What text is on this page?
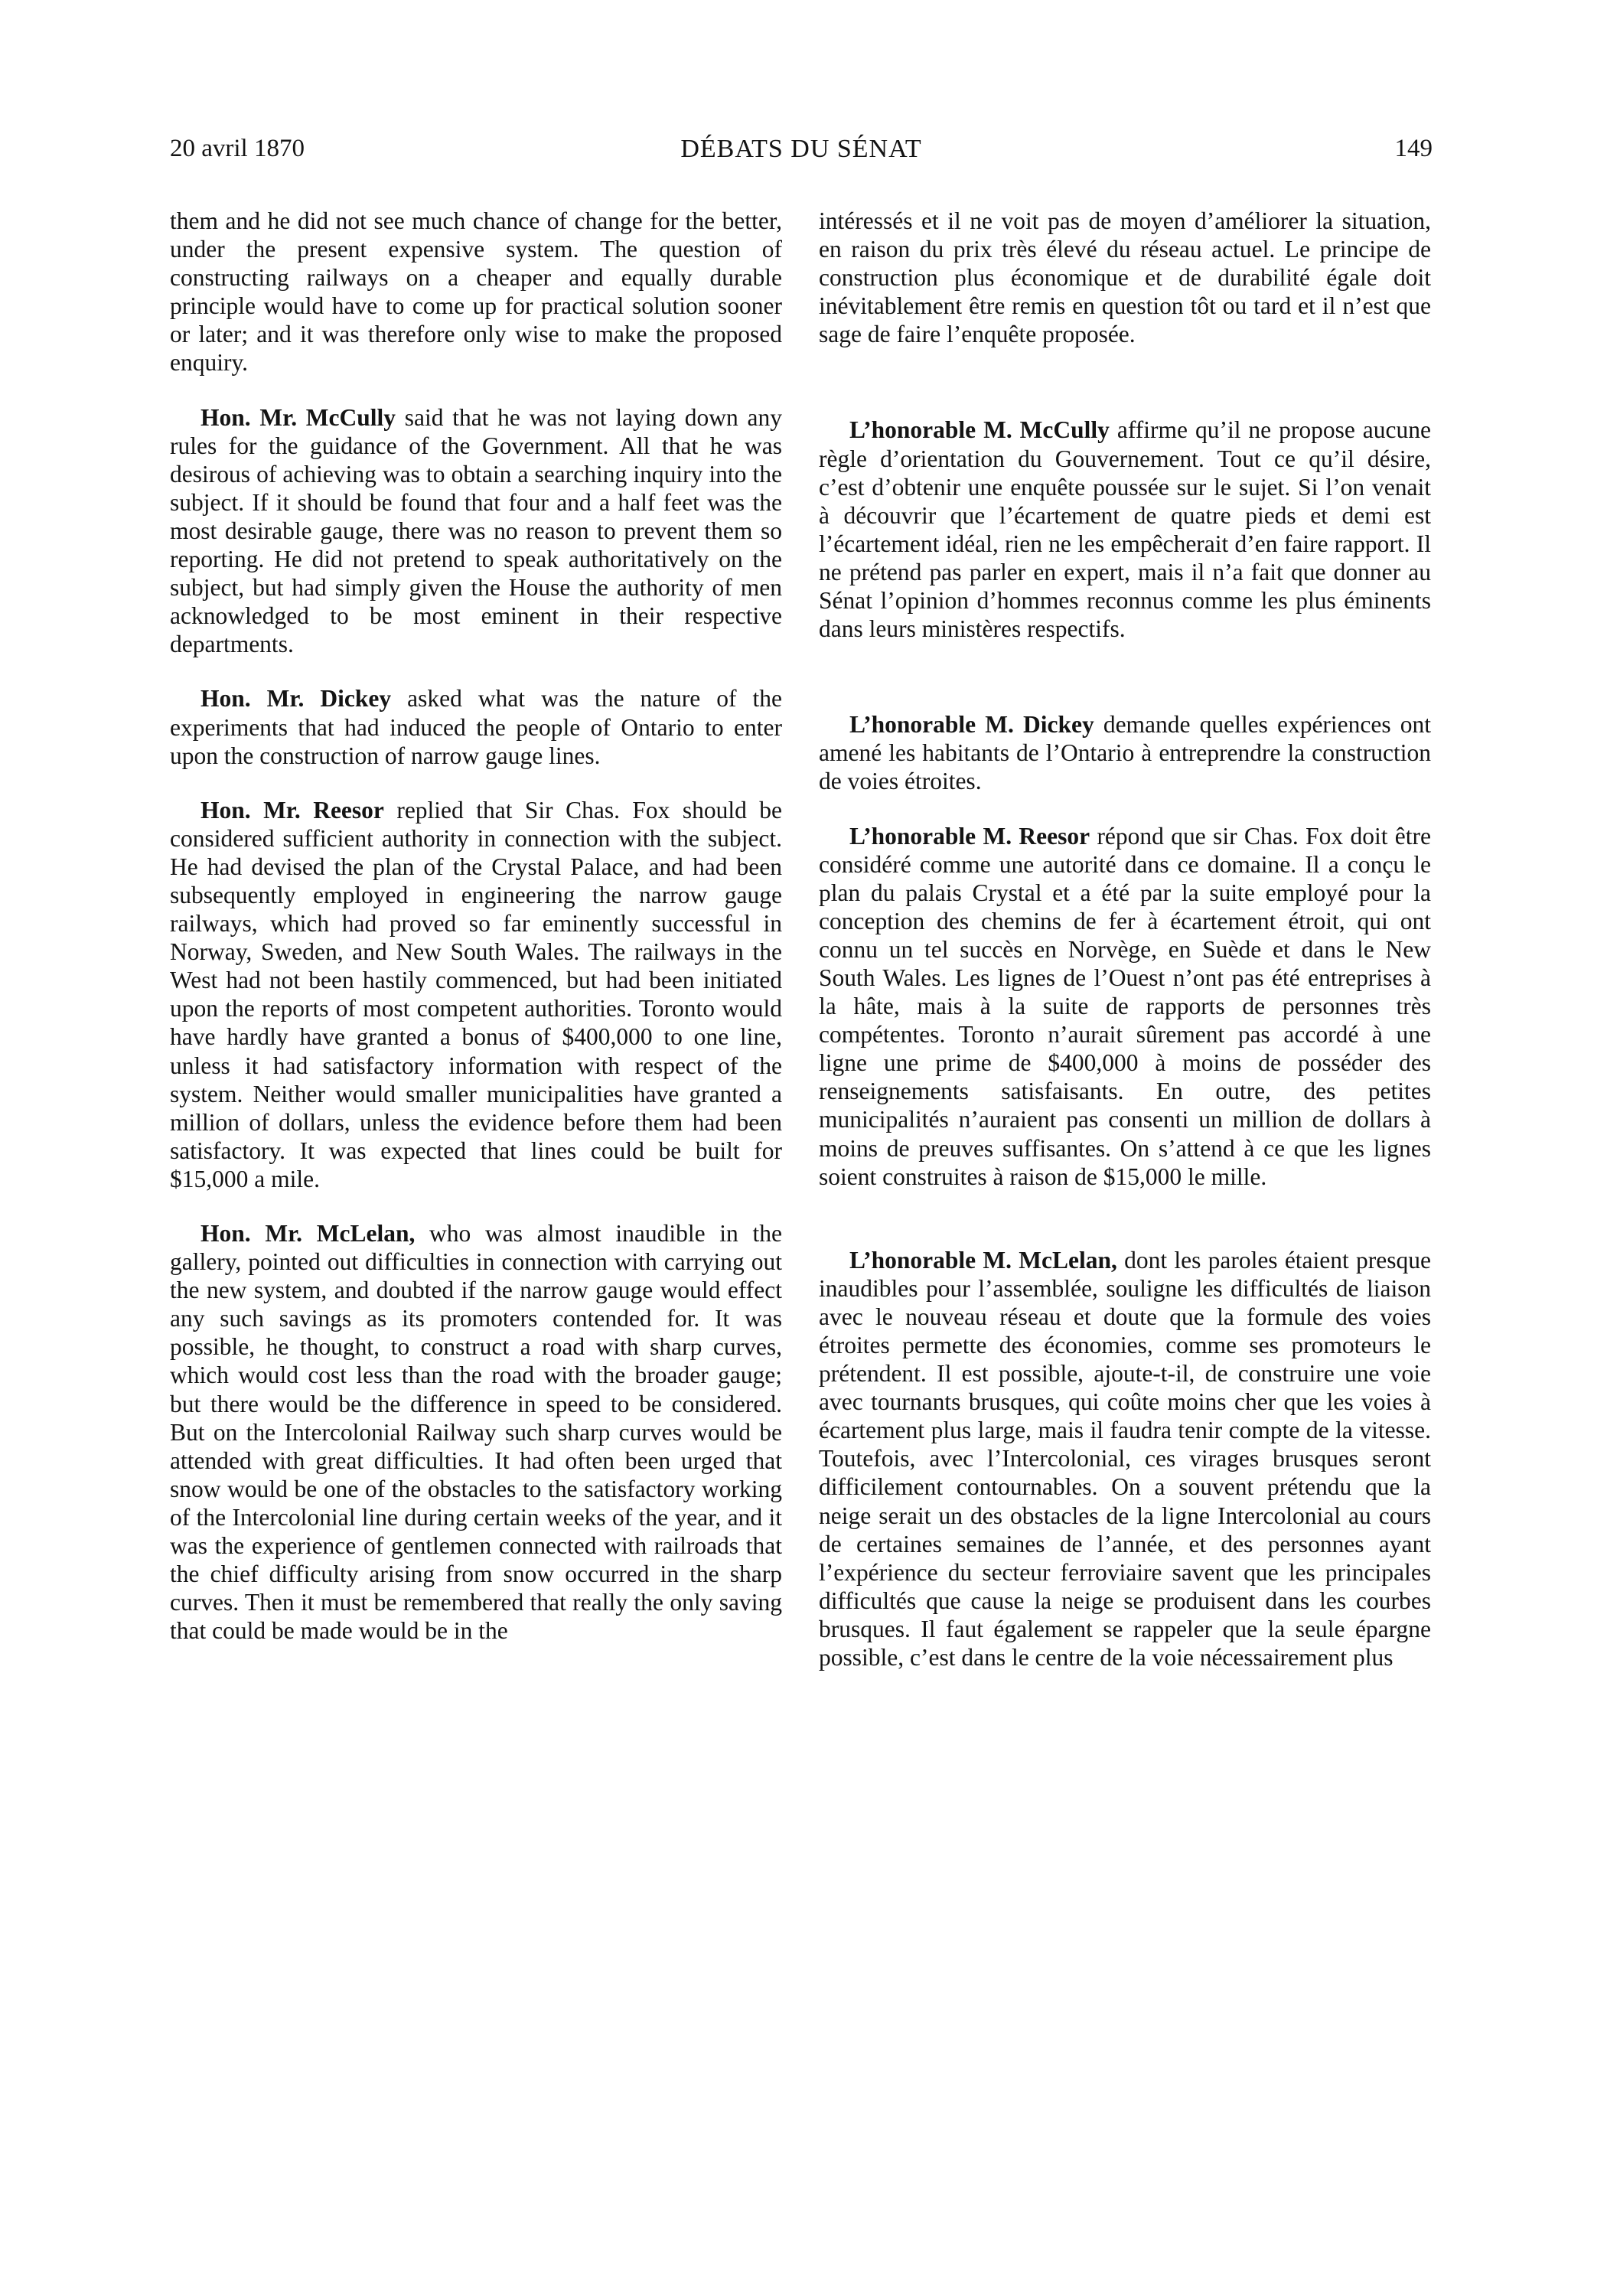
20 avril 1870	DÉBATS DU SÉNAT	149

them and he did not see much chance of change for the better, under the present expensive system. The question of constructing railways on a cheaper and equally durable principle would have to come up for practical solution sooner or later; and it was therefore only wise to make the proposed enquiry.

Hon. Mr. McCully said that he was not laying down any rules for the guidance of the Government. All that he was desirous of achieving was to obtain a searching inquiry into the subject. If it should be found that four and a half feet was the most desirable gauge, there was no reason to prevent them so reporting. He did not pretend to speak authoritatively on the subject, but had simply given the House the authority of men acknowledged to be most eminent in their respective departments.

Hon. Mr. Dickey asked what was the nature of the experiments that had induced the people of Ontario to enter upon the construction of narrow gauge lines.

Hon. Mr. Reesor replied that Sir Chas. Fox should be considered sufficient authority in connection with the subject. He had devised the plan of the Crystal Palace, and had been subsequently employed in engineering the narrow gauge railways, which had proved so far eminently successful in Norway, Sweden, and New South Wales. The railways in the West had not been hastily commenced, but had been initiated upon the reports of most competent authorities. Toronto would have hardly have granted a bonus of $400,000 to one line, unless it had satisfactory information with respect of the system. Neither would smaller municipalities have granted a million of dollars, unless the evidence before them had been satisfactory. It was expected that lines could be built for $15,000 a mile.

Hon. Mr. McLelan, who was almost inaudible in the gallery, pointed out difficulties in connection with carrying out the new system, and doubted if the narrow gauge would effect any such savings as its promoters contended for. It was possible, he thought, to construct a road with sharp curves, which would cost less than the road with the broader gauge; but there would be the difference in speed to be considered. But on the Intercolonial Railway such sharp curves would be attended with great difficulties. It had often been urged that snow would be one of the obstacles to the satisfactory working of the Intercolonial line during certain weeks of the year, and it was the experience of gentlemen connected with railroads that the chief difficulty arising from snow occurred in the sharp curves. Then it must be remembered that really the only saving that could be made would be in the

intéressés et il ne voit pas de moyen d’améliorer la situation, en raison du prix très élevé du réseau actuel. Le principe de construction plus économique et de durabilité égale doit inévitablement être remis en question tôt ou tard et il n’est que sage de faire l’enquête proposée.

L’honorable M. McCully affirme qu’il ne propose aucune règle d’orientation du Gouvernement. Tout ce qu’il désire, c’est d’obtenir une enquête poussée sur le sujet. Si l’on venait à découvrir que l’écartement de quatre pieds et demi est l’écartement idéal, rien ne les empêcherait d’en faire rapport. Il ne prétend pas parler en expert, mais il n’a fait que donner au Sénat l’opinion d’hommes reconnus comme les plus éminents dans leurs ministères respectifs.

L’honorable M. Dickey demande quelles expériences ont amené les habitants de l’Ontario à entreprendre la construction de voies étroites.

L’honorable M. Reesor répond que sir Chas. Fox doit être considéré comme une autorité dans ce domaine. Il a conçu le plan du palais Crystal et a été par la suite employé pour la conception des chemins de fer à écartement étroit, qui ont connu un tel succès en Norvège, en Suède et dans le New South Wales. Les lignes de l’Ouest n’ont pas été entreprises à la hâte, mais à la suite de rapports de personnes très compétentes. Toronto n’aurait sûrement pas accordé à une ligne une prime de $400,000 à moins de posséder des renseignements satisfaisants. En outre, des petites municipalités n’auraient pas consenti un million de dollars à moins de preuves suffisantes. On s’attend à ce que les lignes soient construites à raison de $15,000 le mille.

L’honorable M. McLelan, dont les paroles étaient presque inaudibles pour l’assemblée, souligne les difficultés de liaison avec le nouveau réseau et doute que la formule des voies étroites permette des économies, comme ses promoteurs le prétendent. Il est possible, ajoute-t-il, de construire une voie avec tournants brusques, qui coûte moins cher que les voies à écartement plus large, mais il faudra tenir compte de la vitesse. Toutefois, avec l’Intercolonial, ces virages brusques seront difficilement contournables. On a souvent prétendu que la neige serait un des obstacles de la ligne Intercolonial au cours de certaines semaines de l’année, et des personnes ayant l’expérience du secteur ferroviaire savent que les principales difficultés que cause la neige se produisent dans les courbes brusques. Il faut également se rappeler que la seule épargne possible, c’est dans le centre de la voie nécessairement plus
